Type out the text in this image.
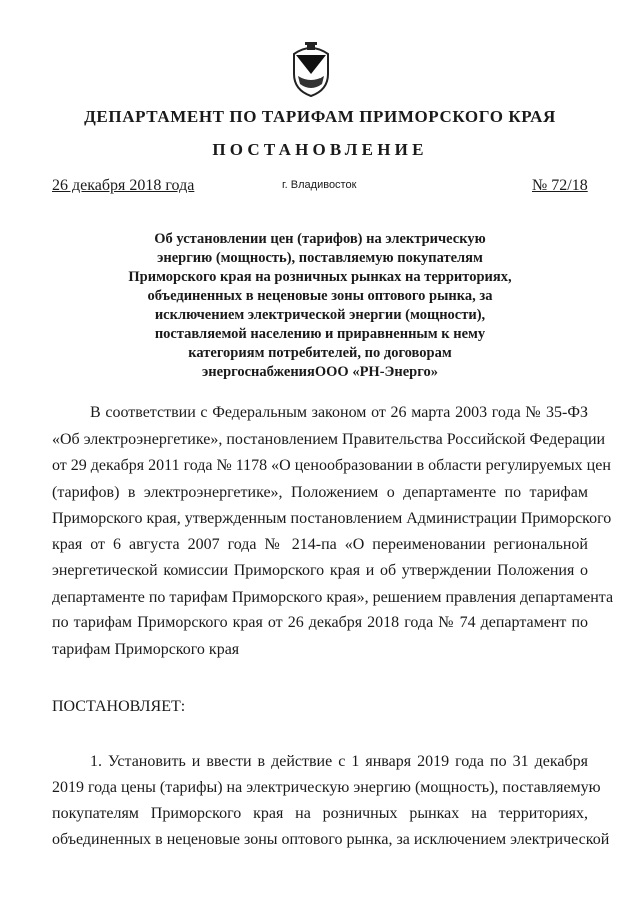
ДЕПАРТАМЕНТ ПО ТАРИФАМ ПРИМОРСКОГО КРАЯ
ПОСТАНОВЛЕНИЕ
26 декабря 2018 года	г. Владивосток	№ 72/18
Об установлении цен (тарифов) на электрическую
энергию (мощность), поставляемую покупателям
Приморского края на розничных рынках на территориях,
объединенных в неценовые зоны оптового рынка, за
исключением электрической энергии (мощности),
поставляемой населению и приравненным к нему
категориям потребителей, по договорам
энергоснабженияООО «РН-Энерго»
В соответствии с Федеральным законом от 26 марта 2003 года № 35-ФЗ
«Об электроэнергетике», постановлением Правительства Российской Федерации
от 29 декабря 2011 года № 1178 «О ценообразовании в области регулируемых цен
(тарифов) в электроэнергетике», Положением о департаменте по тарифам
Приморского края, утвержденным постановлением Администрации Приморского
края от 6 августа 2007 года № 214-па «О переименовании региональной
энергетической комиссии Приморского края и об утверждении Положения о
департаменте по тарифам Приморского края», решением правления департамента
по тарифам Приморского края от 26 декабря 2018 года № 74 департамент по
тарифам Приморского края
ПОСТАНОВЛЯЕТ:
1. Установить и ввести в действие с 1 января 2019 года по 31 декабря
2019 года цены (тарифы) на электрическую энергию (мощность), поставляемую
покупателям Приморского края на розничных рынках на территориях,
объединенных в неценовые зоны оптового рынка, за исключением электрической
